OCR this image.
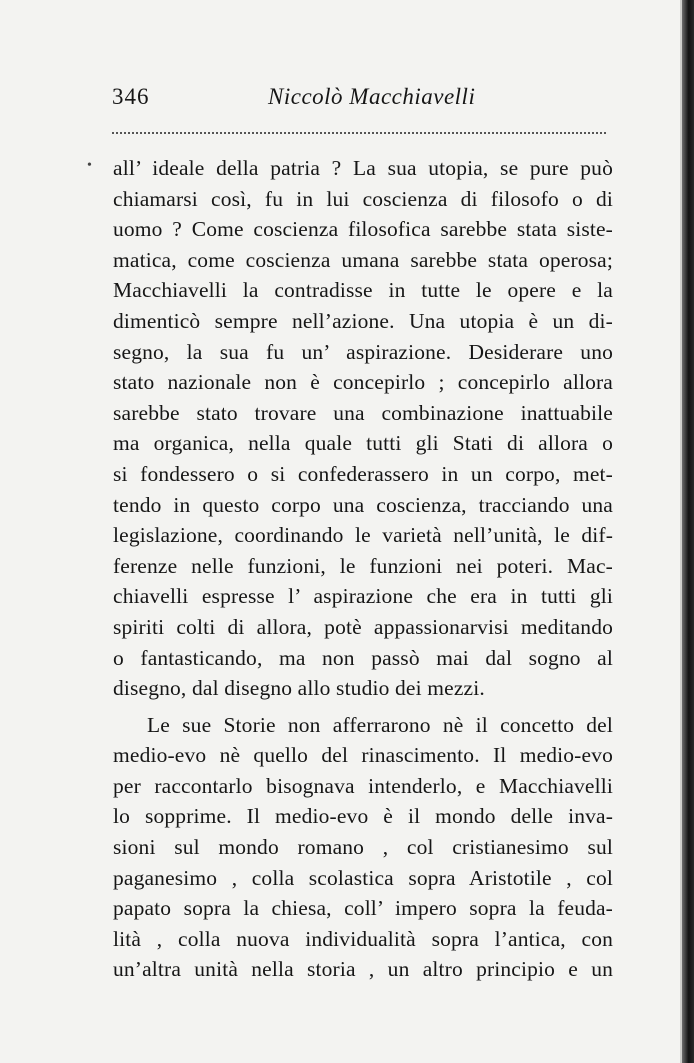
346	Niccolò Macchiavelli
• all’ ideale della patria ? La sua utopia, se pure può
chiamarsi così, fu in lui coscienza di filosofo o di
uomo ? Come coscienza filosofica sarebbe stata siste-
matica, come coscienza umana sarebbe stata operosa;
Macchiavelli la contradisse in tutte le opere e la
dimenticò sempre nell’azione. Una utopia è un di-
segno, la sua fu un’ aspirazione. Desiderare uno
stato nazionale non è concepirlo ; concepirlo allora
sarebbe stato trovare una combinazione inattuabile
ma organica, nella quale tutti gli Stati di allora o
si fondessero o si confederassero in un corpo, met-
tendo in questo corpo una coscienza, tracciando una
legislazione, coordinando le varietà nell’unità, le dif-
ferenze nelle funzioni, le funzioni nei poteri. Mac-
chiavelli espresse l’ aspirazione che era in tutti gli
spiriti colti di allora, potè appassionarvisi meditando
o fantasticando, ma non passò mai dal sogno al
disegno, dal disegno allo studio dei mezzi.
Le sue Storie non afferrarono nè il concetto del
medio-evo nè quello del rinascimento. Il medio-evo
per raccontarlo bisognava intenderlo, e Macchiavelli
lo sopprime. Il medio-evo è il mondo delle inva-
sioni sul mondo romano , col cristianesimo sul
paganesimo , colla scolastica sopra Aristotile , col
papato sopra la chiesa, coll’ impero sopra la feuda-
lità , colla nuova individualità sopra l’antica, con
un’altra unità nella storia , un altro principio e un
